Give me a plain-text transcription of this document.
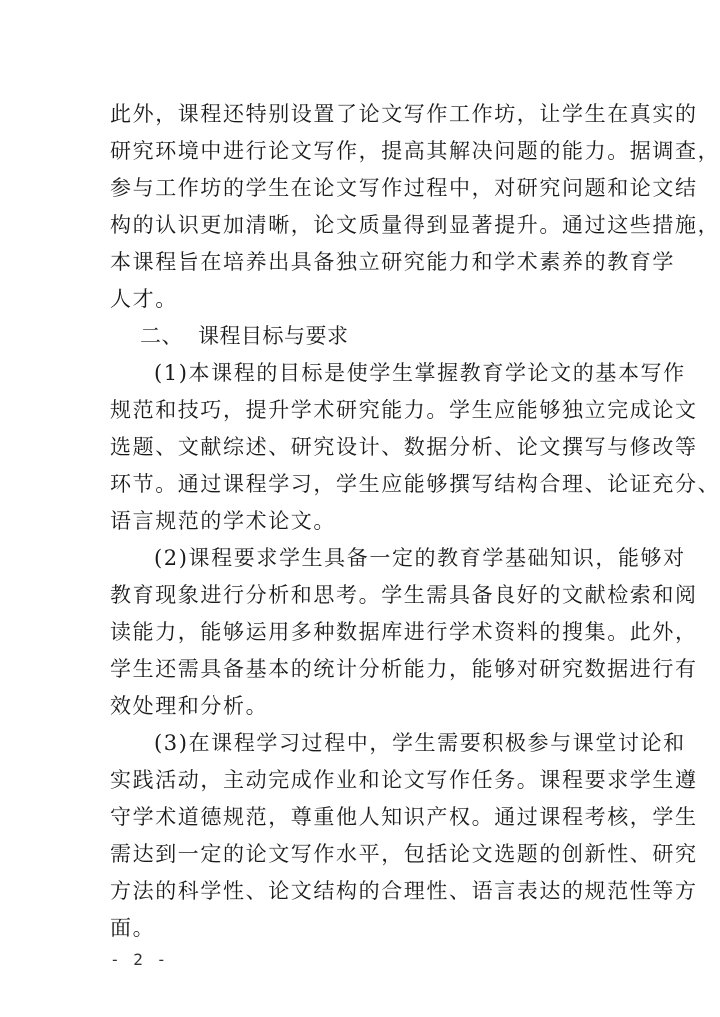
此外，课程还特别设置了论文写作工作坊，让学生在真实的
研究环境中进行论文写作，提高其解决问题的能力。据调查，
参与工作坊的学生在论文写作过程中，对研究问题和论文结
构的认识更加清晰，论文质量得到显著提升。通过这些措施，
本课程旨在培养出具备独立研究能力和学术素养的教育学
人才。
二、 课程目标与要求
(1)本课程的目标是使学生掌握教育学论文的基本写作
规范和技巧，提升学术研究能力。学生应能够独立完成论文
选题、文献综述、研究设计、数据分析、论文撰写与修改等
环节。通过课程学习，学生应能够撰写结构合理、论证充分、
语言规范的学术论文。
(2)课程要求学生具备一定的教育学基础知识，能够对
教育现象进行分析和思考。学生需具备良好的文献检索和阅
读能力，能够运用多种数据库进行学术资料的搜集。此外，
学生还需具备基本的统计分析能力，能够对研究数据进行有
效处理和分析。
(3)在课程学习过程中，学生需要积极参与课堂讨论和
实践活动，主动完成作业和论文写作任务。课程要求学生遵
守学术道德规范，尊重他人知识产权。通过课程考核，学生
需达到一定的论文写作水平，包括论文选题的创新性、研究
方法的科学性、论文结构的合理性、语言表达的规范性等方
面。
- 2 -
